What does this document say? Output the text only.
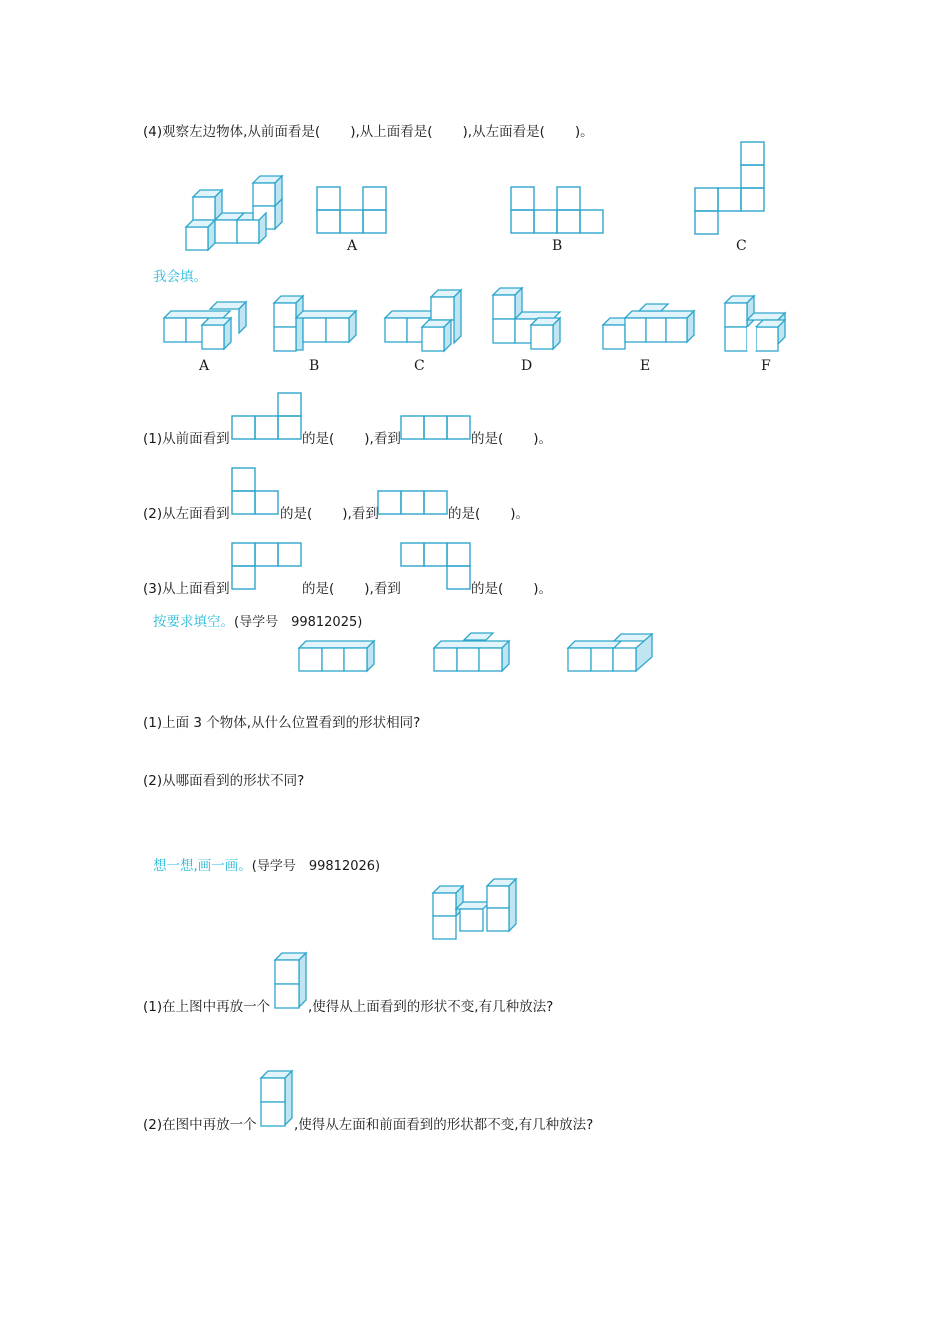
(4)观察左边物体,从前面看是( ),从上面看是( ),从左面看是( )。
A	B	C
我会填。
A	B	C	D	E	F
(1)从前面看到	的是( ),看到	的是( )。
(2)从左面看到	的是( ),看到	的是( )。
(3)从上面看到	的是( ),看到	的是( )。
按要求填空。(导学号　99812025)
(1)上面 3 个物体,从什么位置看到的形状相同?
(2)从哪面看到的形状不同?
想一想,画一画。(导学号　99812026)
(1)在上图中再放一个	,使得从上面看到的形状不变,有几种放法?
(2)在图中再放一个	,使得从左面和前面看到的形状都不变,有几种放法?
